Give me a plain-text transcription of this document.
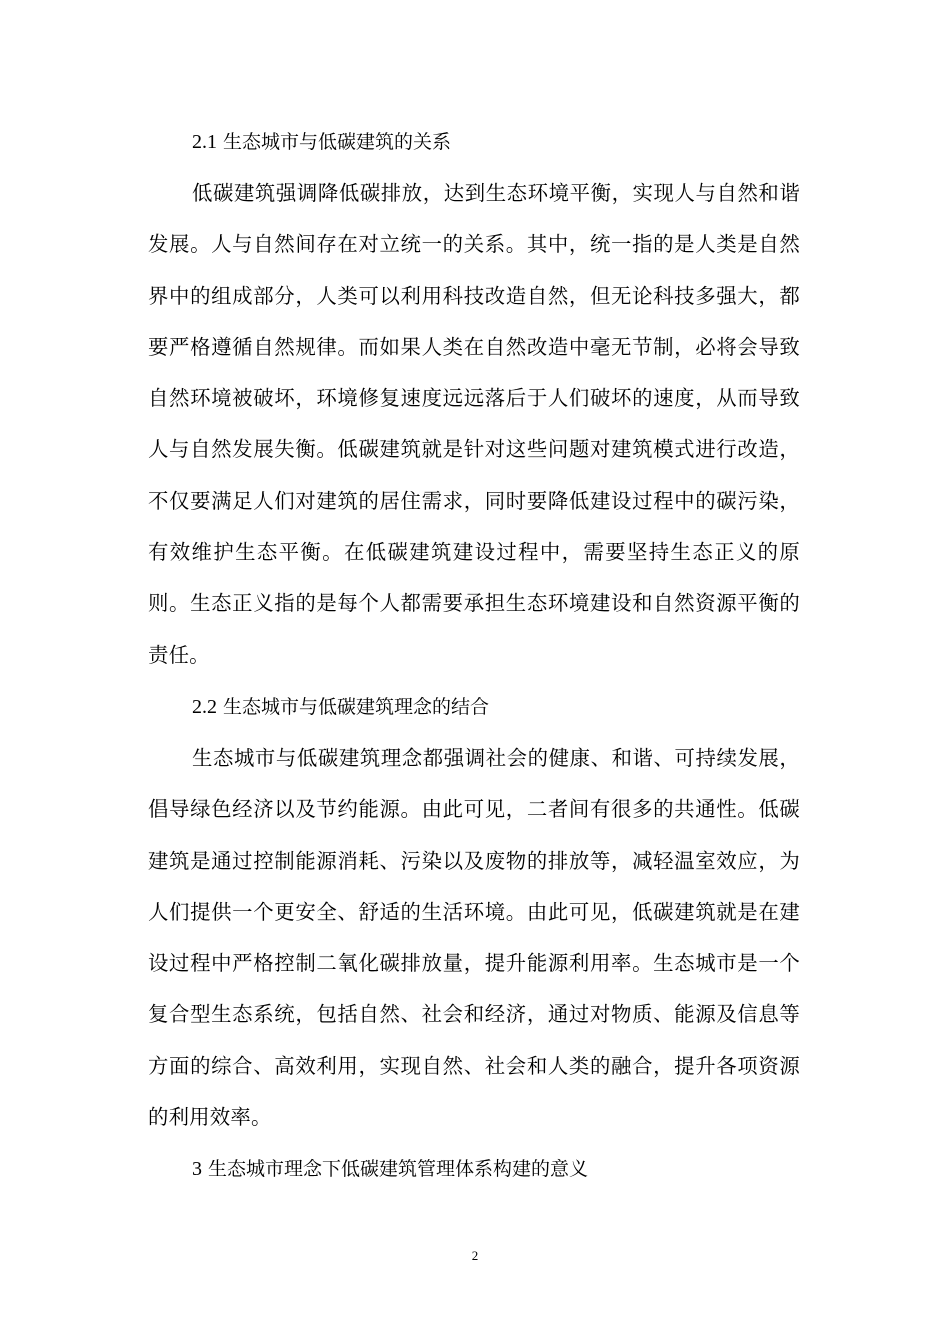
2.1 生态城市与低碳建筑的关系

低碳建筑强调降低碳排放，达到生态环境平衡，实现人与自然和谐发展。人与自然间存在对立统一的关系。其中，统一指的是人类是自然界中的组成部分，人类可以利用科技改造自然，但无论科技多强大，都要严格遵循自然规律。而如果人类在自然改造中毫无节制，必将会导致自然环境被破坏，环境修复速度远远落后于人们破坏的速度，从而导致人与自然发展失衡。低碳建筑就是针对这些问题对建筑模式进行改造，不仅要满足人们对建筑的居住需求，同时要降低建设过程中的碳污染，有效维护生态平衡。在低碳建筑建设过程中，需要坚持生态正义的原则。生态正义指的是每个人都需要承担生态环境建设和自然资源平衡的责任。

2.2 生态城市与低碳建筑理念的结合

生态城市与低碳建筑理念都强调社会的健康、和谐、可持续发展，倡导绿色经济以及节约能源。由此可见，二者间有很多的共通性。低碳建筑是通过控制能源消耗、污染以及废物的排放等，减轻温室效应，为人们提供一个更安全、舒适的生活环境。由此可见，低碳建筑就是在建设过程中严格控制二氧化碳排放量，提升能源利用率。生态城市是一个复合型生态系统，包括自然、社会和经济，通过对物质、能源及信息等方面的综合、高效利用，实现自然、社会和人类的融合，提升各项资源的利用效率。

3 生态城市理念下低碳建筑管理体系构建的意义
2
